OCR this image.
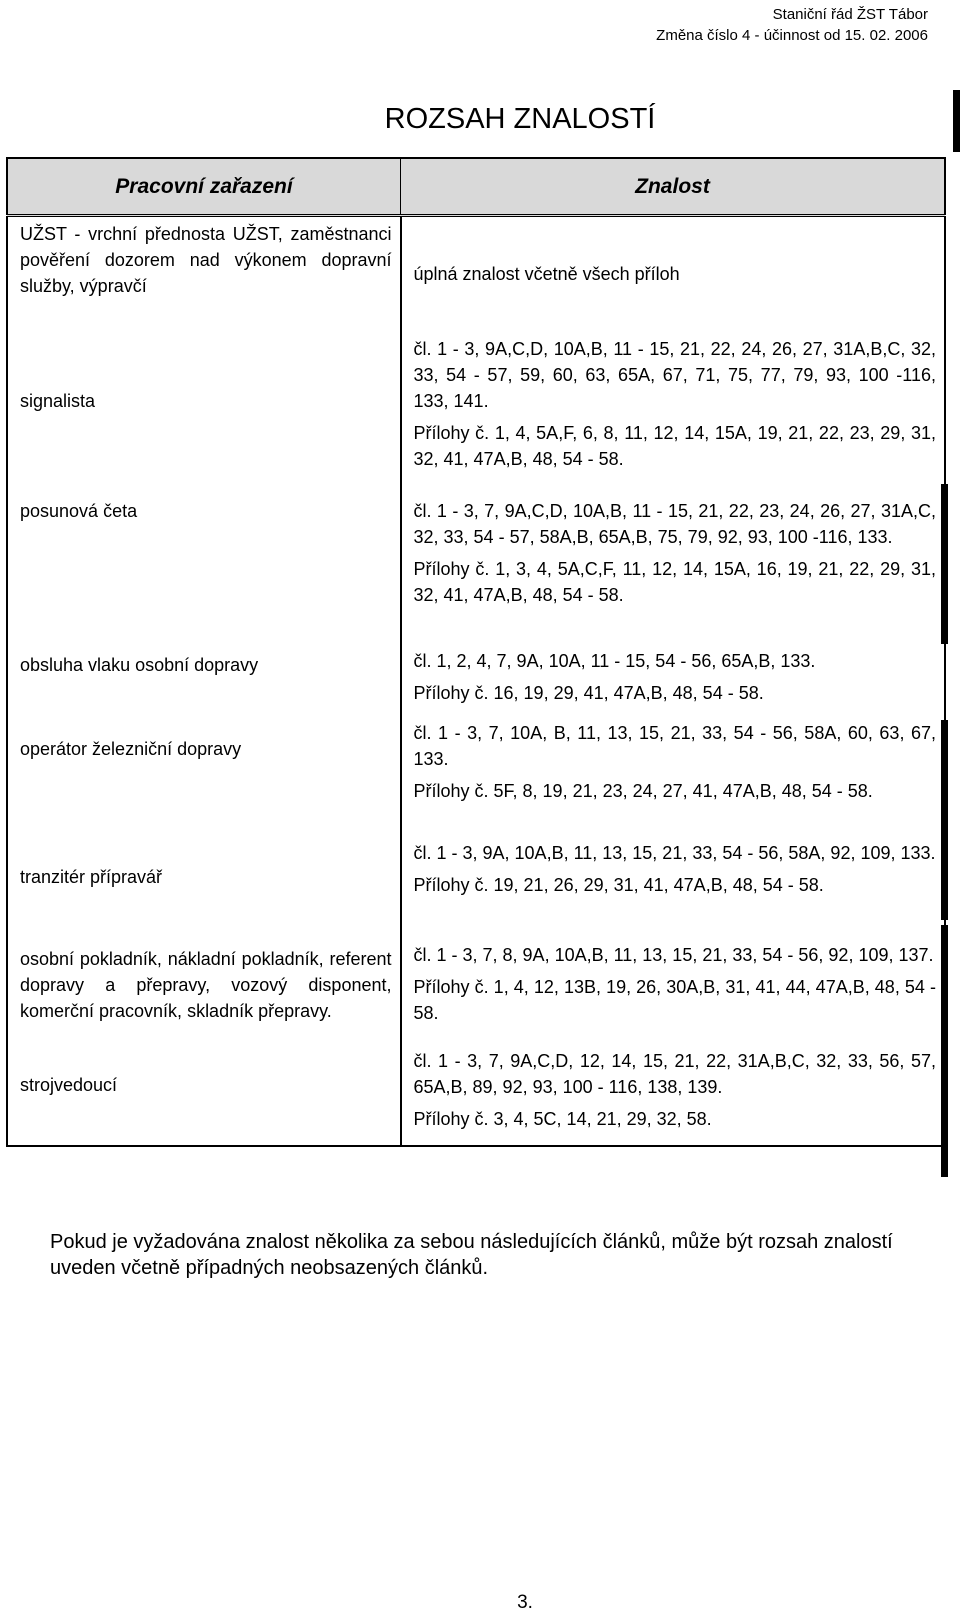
Staniční řád ŽST Tábor
Změna číslo 4 - účinnost od 15. 02. 2006
ROZSAH ZNALOSTÍ
Pracovní zařazení	Znalost

UŽST - vrchní přednosta UŽST, zaměstnanci pověření dozorem nad výkonem dopravní služby, výpravčí	úplná znalost včetně všech příloh

signalista	čl. 1 - 3, 9A,C,D, 10A,B, 11 - 15, 21, 22, 24, 26, 27, 31A,B,C, 32, 33, 54 - 57, 59, 60, 63, 65A, 67, 71, 75, 77, 79, 93, 100 -116, 133, 141.
Přílohy č. 1, 4, 5A,F, 6, 8, 11, 12, 14, 15A, 19, 21, 22, 23, 29, 31, 32, 41, 47A,B, 48, 54 - 58.

posunová četa	čl. 1 - 3, 7, 9A,C,D, 10A,B, 11 - 15, 21, 22, 23, 24, 26, 27, 31A,C, 32, 33, 54 - 57, 58A,B, 65A,B, 75, 79, 92, 93, 100 -116, 133.
Přílohy č. 1, 3, 4, 5A,C,F, 11, 12, 14, 15A, 16, 19, 21, 22, 29, 31, 32, 41, 47A,B, 48, 54 - 58.

obsluha vlaku osobní dopravy	čl. 1, 2, 4, 7, 9A, 10A, 11 - 15, 54 - 56, 65A,B, 133.
Přílohy č. 16, 19, 29, 41, 47A,B, 48, 54 - 58.

operátor železniční dopravy	čl. 1 - 3, 7, 10A, B, 11, 13, 15, 21, 33, 54 - 56, 58A, 60, 63, 67, 133.
Přílohy č. 5F, 8, 19, 21, 23, 24, 27, 41, 47A,B, 48, 54 - 58.

tranzitér přípravář	čl. 1 - 3, 9A, 10A,B, 11, 13, 15, 21, 33, 54 - 56, 58A, 92, 109, 133.
Přílohy č. 19, 21, 26, 29, 31, 41, 47A,B, 48, 54 - 58.

osobní pokladník, nákladní pokladník, referent dopravy a přepravy, vozový disponent, komerční pracovník, skladník přepravy.	čl. 1 - 3, 7, 8, 9A, 10A,B, 11, 13, 15, 21, 33, 54 - 56, 92, 109, 137.
Přílohy č. 1, 4, 12, 13B, 19, 26, 30A,B, 31, 41, 44, 47A,B, 48, 54 - 58.

strojvedoucí	čl. 1 - 3, 7, 9A,C,D, 12, 14, 15, 21, 22, 31A,B,C, 32, 33, 56, 57, 65A,B, 89, 92, 93, 100 - 116, 138, 139.
Přílohy č. 3, 4, 5C, 14, 21, 29, 32, 58.
Pokud je vyžadována znalost několika za sebou následujících článků, může být rozsah znalostí uveden včetně případných neobsazených článků.
3.
